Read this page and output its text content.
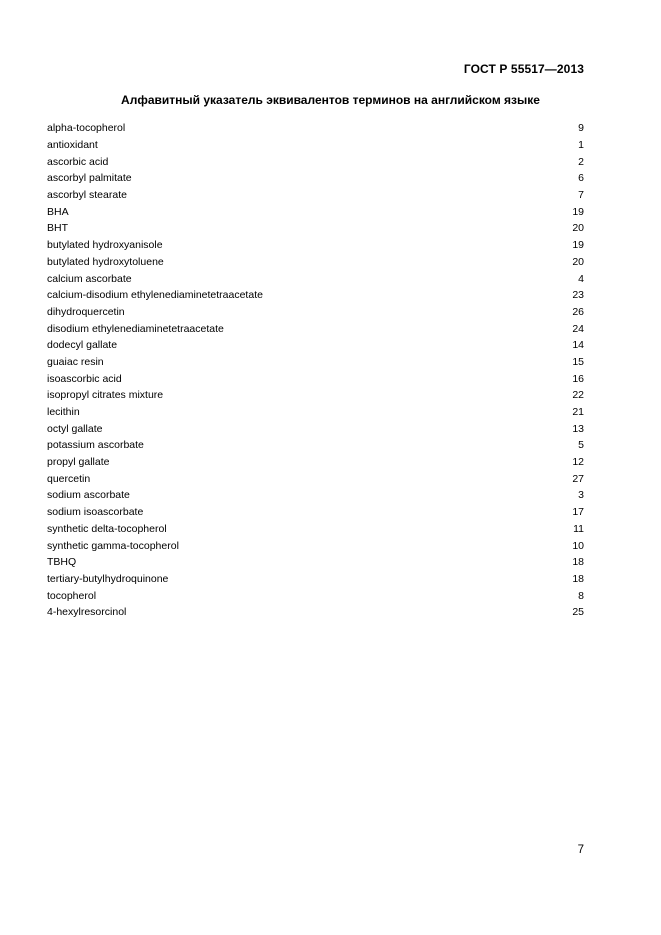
ГОСТ Р 55517—2013
Алфавитный указатель эквивалентов терминов на английском языке
alpha-tocopherol	9
antioxidant	1
ascorbic acid	2
ascorbyl palmitate	6
ascorbyl stearate	7
BHA	19
BHT	20
butylated hydroxyanisole	19
butylated hydroxytoluene	20
calcium ascorbate	4
calcium-disodium ethylenediaminetetraacetate	23
dihydroquercetin	26
disodium ethylenediaminetetraacetate	24
dodecyl gallate	14
guaiac resin	15
isoascorbic acid	16
isopropyl citrates mixture	22
lecithin	21
octyl gallate	13
potassium ascorbate	5
propyl gallate	12
quercetin	27
sodium ascorbate	3
sodium isoascorbate	17
synthetic delta-tocopherol	11
synthetic gamma-tocopherol	10
TBHQ	18
tertiary-butylhydroquinone	18
tocopherol	8
4-hexylresorcinol	25
7
